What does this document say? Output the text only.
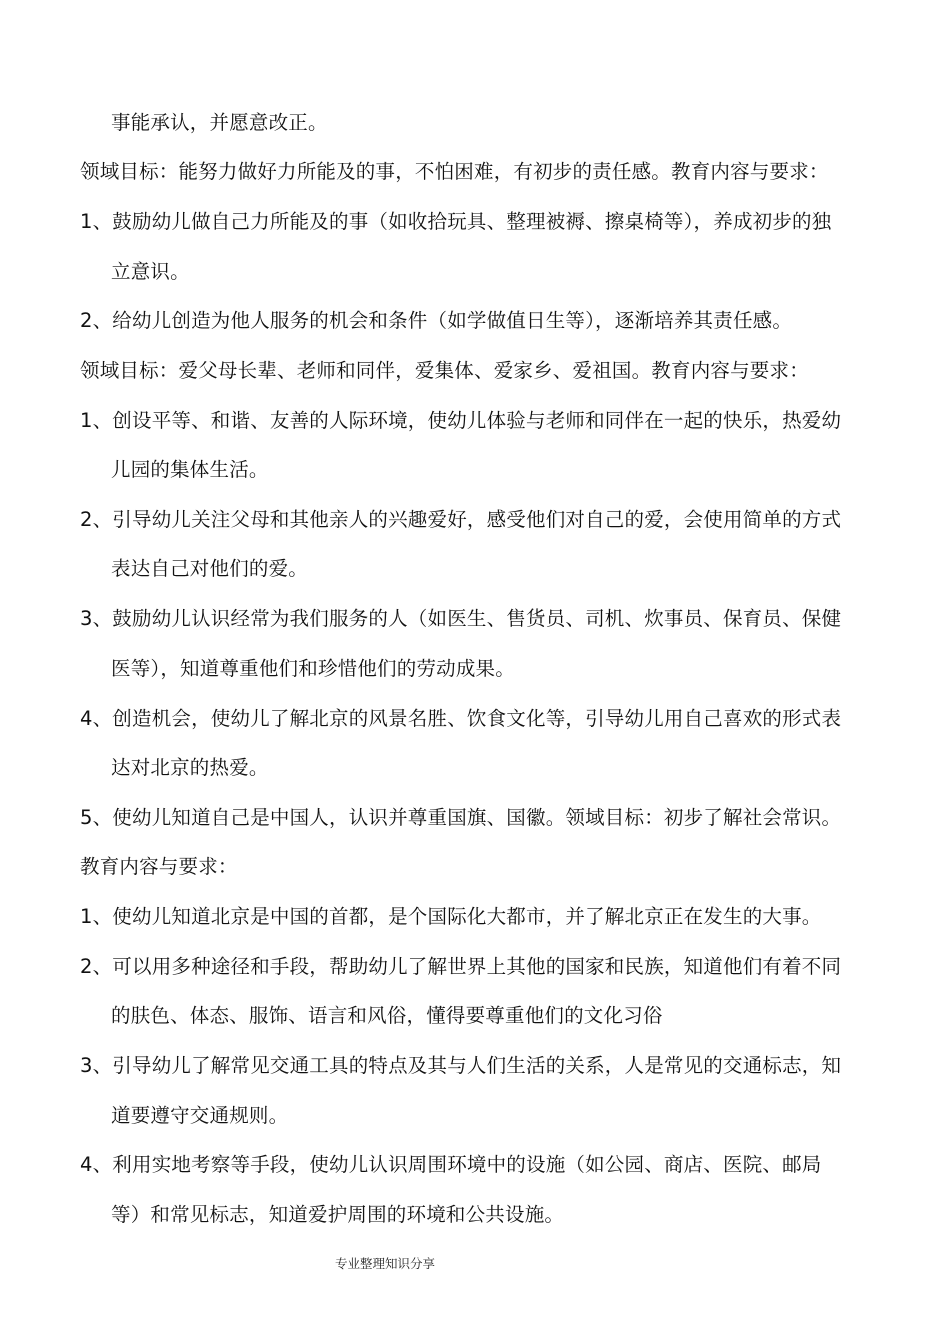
事能承认，并愿意改正。
领域目标：能努力做好力所能及的事，不怕困难，有初步的责任感。教育内容与要求：
1、鼓励幼儿做自己力所能及的事（如收拾玩具、整理被褥、擦桌椅等），养成初步的独
立意识。
2、给幼儿创造为他人服务的机会和条件（如学做值日生等），逐渐培养其责任感。
领域目标：爱父母长辈、老师和同伴，爱集体、爱家乡、爱祖国。教育内容与要求：
1、创设平等、和谐、友善的人际环境，使幼儿体验与老师和同伴在一起的快乐，热爱幼
儿园的集体生活。
2、引导幼儿关注父母和其他亲人的兴趣爱好，感受他们对自己的爱，会使用简单的方式
表达自己对他们的爱。
3、鼓励幼儿认识经常为我们服务的人（如医生、售货员、司机、炊事员、保育员、保健
医等），知道尊重他们和珍惜他们的劳动成果。
4、创造机会，使幼儿了解北京的风景名胜、饮食文化等，引导幼儿用自己喜欢的形式表
达对北京的热爱。
5、使幼儿知道自己是中国人，认识并尊重国旗、国徽。领域目标：初步了解社会常识。
教育内容与要求：
1、使幼儿知道北京是中国的首都，是个国际化大都市，并了解北京正在发生的大事。
2、可以用多种途径和手段，帮助幼儿了解世界上其他的国家和民族，知道他们有着不同
的肤色、体态、服饰、语言和风俗，懂得要尊重他们的文化习俗
3、引导幼儿了解常见交通工具的特点及其与人们生活的关系，人是常见的交通标志，知
道要遵守交通规则。
4、利用实地考察等手段，使幼儿认识周围环境中的设施（如公园、商店、医院、邮局
等）和常见标志，知道爱护周围的环境和公共设施。
专业整理知识分享
